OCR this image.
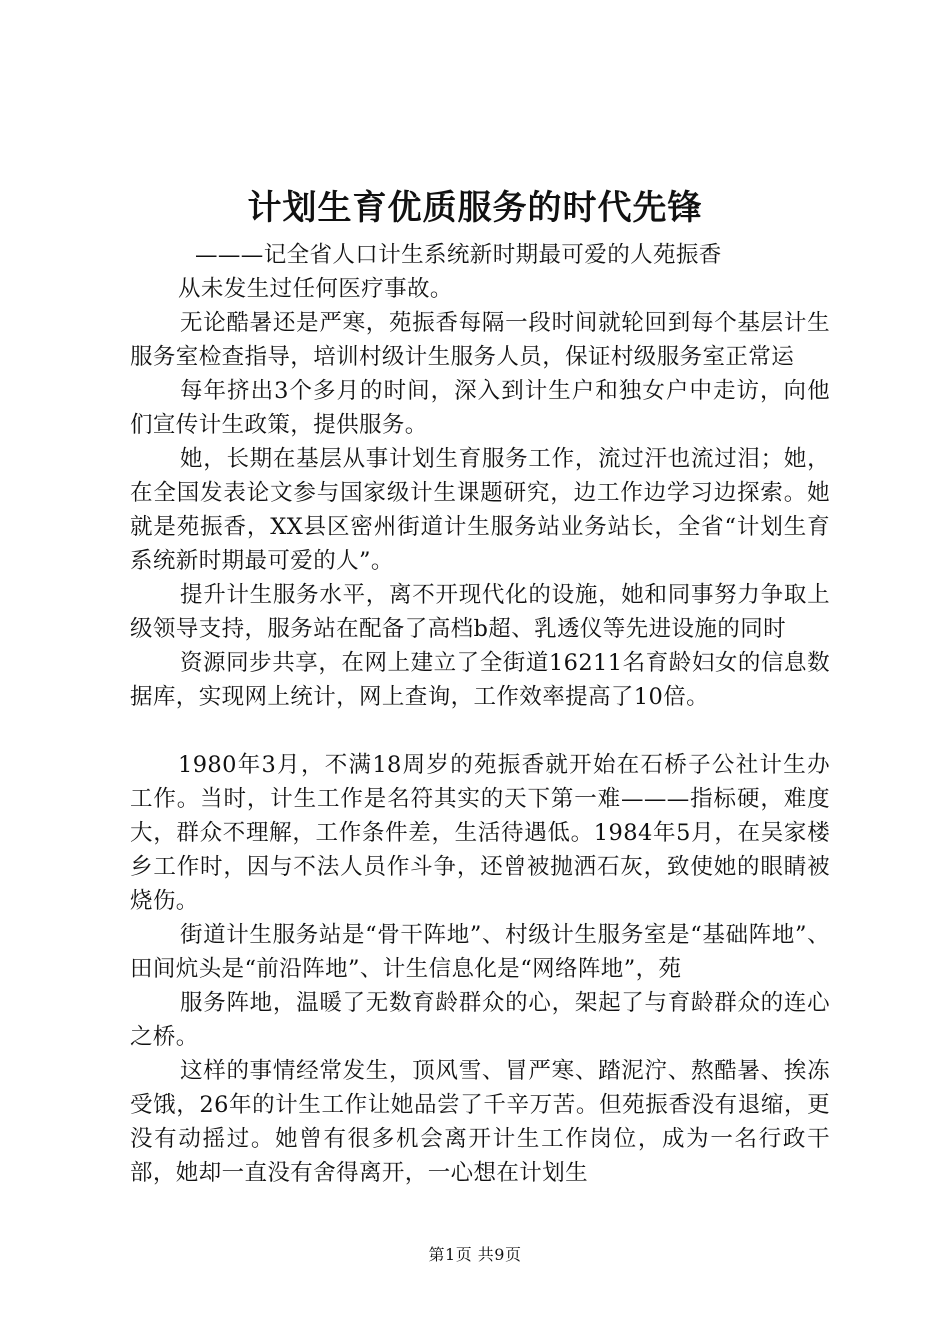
计划生育优质服务的时代先锋

———记全省人口计生系统新时期最可爱的人苑振香

从未发生过任何医疗事故。

无论酷暑还是严寒，苑振香每隔一段时间就轮回到每个基层计生服务室检查指导，培训村级计生服务人员，保证村级服务室正常运

每年挤出3个多月的时间，深入到计生户和独女户中走访，向他们宣传计生政策，提供服务。

她，长期在基层从事计划生育服务工作，流过汗也流过泪；她，在全国发表论文参与国家级计生课题研究，边工作边学习边探索。她就是苑振香，XX县区密州街道计生服务站业务站长，全省“计划生育系统新时期最可爱的人”。

提升计生服务水平，离不开现代化的设施，她和同事努力争取上级领导支持，服务站在配备了高档b超、乳透仪等先进设施的同时

资源同步共享，在网上建立了全街道16211名育龄妇女的信息数据库，实现网上统计，网上查询，工作效率提高了10倍。

1980年3月，不满18周岁的苑振香就开始在石桥子公社计生办工作。当时，计生工作是名符其实的天下第一难———指标硬，难度大，群众不理解，工作条件差，生活待遇低。1984年5月，在吴家楼乡工作时，因与不法人员作斗争，还曾被抛洒石灰，致使她的眼睛被烧伤。

街道计生服务站是“骨干阵地”、村级计生服务室是“基础阵地”、田间炕头是“前沿阵地”、计生信息化是“网络阵地”，苑

服务阵地，温暖了无数育龄群众的心，架起了与育龄群众的连心之桥。

这样的事情经常发生，顶风雪、冒严寒、踏泥泞、熬酷暑、挨冻受饿，26年的计生工作让她品尝了千辛万苦。但苑振香没有退缩，更没有动摇过。她曾有很多机会离开计生工作岗位，成为一名行政干部，她却一直没有舍得离开，一心想在计划生

第1页 共9页
